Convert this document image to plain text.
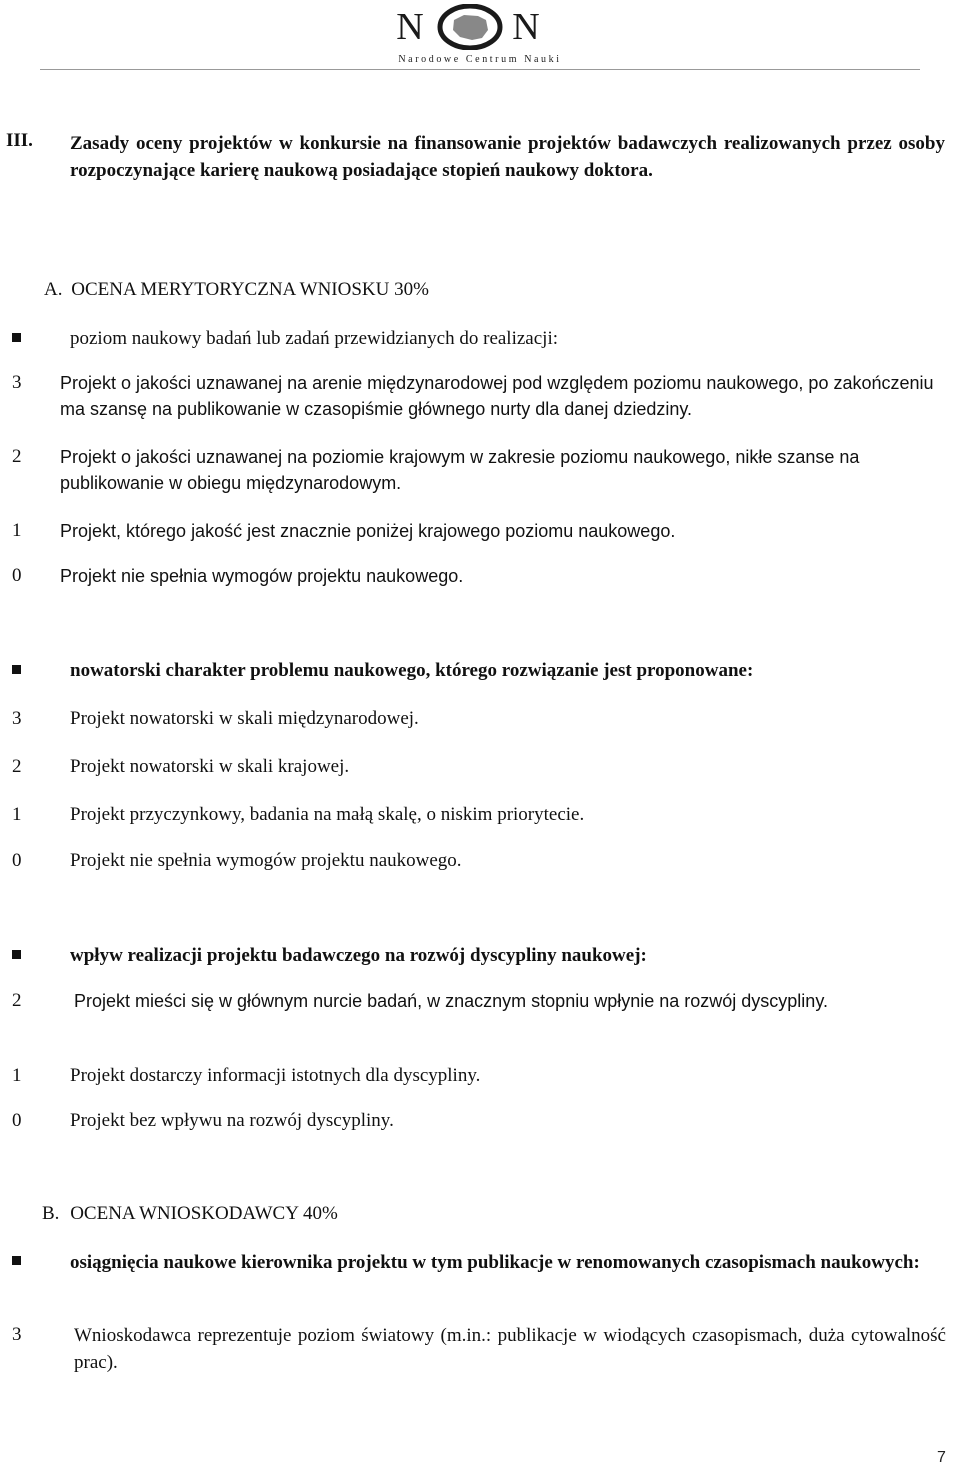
N N
Narodowe Centrum Nauki
III. Zasady oceny projektów w konkursie na finansowanie projektów badawczych realizowanych przez osoby rozpoczynające karierę naukową posiadające stopień naukowy doktora.
A. OCENA MERYTORYCZNA WNIOSKU 30%
poziom naukowy badań lub zadań przewidzianych do realizacji:
3 Projekt o jakości uznawanej na arenie międzynarodowej pod względem poziomu naukowego, po zakończeniu ma szansę na publikowanie w czasopiśmie głównego nurty dla danej dziedziny.
2 Projekt o jakości uznawanej na poziomie krajowym w zakresie poziomu naukowego, nikłe szanse na publikowanie w obiegu międzynarodowym.
1 Projekt, którego jakość jest znacznie poniżej krajowego poziomu naukowego.
0 Projekt nie spełnia wymogów projektu naukowego.
nowatorski charakter problemu naukowego, którego rozwiązanie jest proponowane:
3	Projekt nowatorski w skali międzynarodowej.
2	Projekt nowatorski w skali krajowej.
1	Projekt przyczynkowy, badania na małą skalę, o niskim priorytecie.
0	Projekt nie spełnia wymogów projektu naukowego.
wpływ realizacji projektu badawczego na rozwój dyscypliny naukowej:
2	Projekt mieści się w głównym nurcie badań, w znacznym stopniu wpłynie na rozwój dyscypliny.
1	Projekt dostarczy informacji istotnych dla dyscypliny.
0	Projekt bez wpływu na rozwój dyscypliny.
B. OCENA WNIOSKODAWCY 40%
osiągnięcia naukowe kierownika projektu w tym publikacje w renomowanych czasopismach naukowych:
3	Wnioskodawca reprezentuje poziom światowy (m.in.: publikacje w wiodących czasopismach, duża cytowalność prac).
7
